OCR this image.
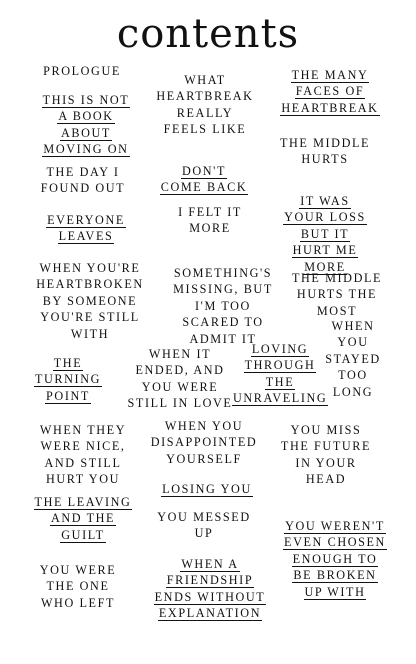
contents
PROLOGUE
WHAT
HEARTBREAK
REALLY
FEELS LIKE
THE MANY
FACES OF
HEARTBREAK
THIS IS NOT
A BOOK
ABOUT
MOVING ON	THE MIDDLE
HURTS
THE DAY I
FOUND OUT
DON'T
COME BACK
IT WAS
YOUR LOSS
BUT IT
HURT ME
MORE
I FELT IT
MORE
EVERYONE
LEAVES
WHEN YOU'RE
HEARTBROKEN
BY SOMEONE
YOU'RE STILL
WITH
SOMETHING'S
MISSING, BUT
I'M TOO
SCARED TO
ADMIT IT
THE MIDDLE
HURTS THE
MOST
WHEN
YOU
STAYED
TOO
LONG
WHEN IT
ENDED, AND
YOU WERE
STILL IN LOVE
LOVING
THROUGH
THE
UNRAVELING
THE
TURNING
POINT
WHEN THEY
WERE NICE,
AND STILL
HURT YOU
WHEN YOU
DISAPPOINTED
YOURSELF
YOU MISS
THE FUTURE
IN YOUR
HEAD
LOSING YOU
THE LEAVING
AND THE
GUILT
YOU MESSED
UP
YOU WEREN'T
EVEN CHOSEN
ENOUGH TO
BE BROKEN
UP WITH
YOU WERE
THE ONE
WHO LEFT
WHEN A
FRIENDSHIP
ENDS WITHOUT
EXPLANATION
